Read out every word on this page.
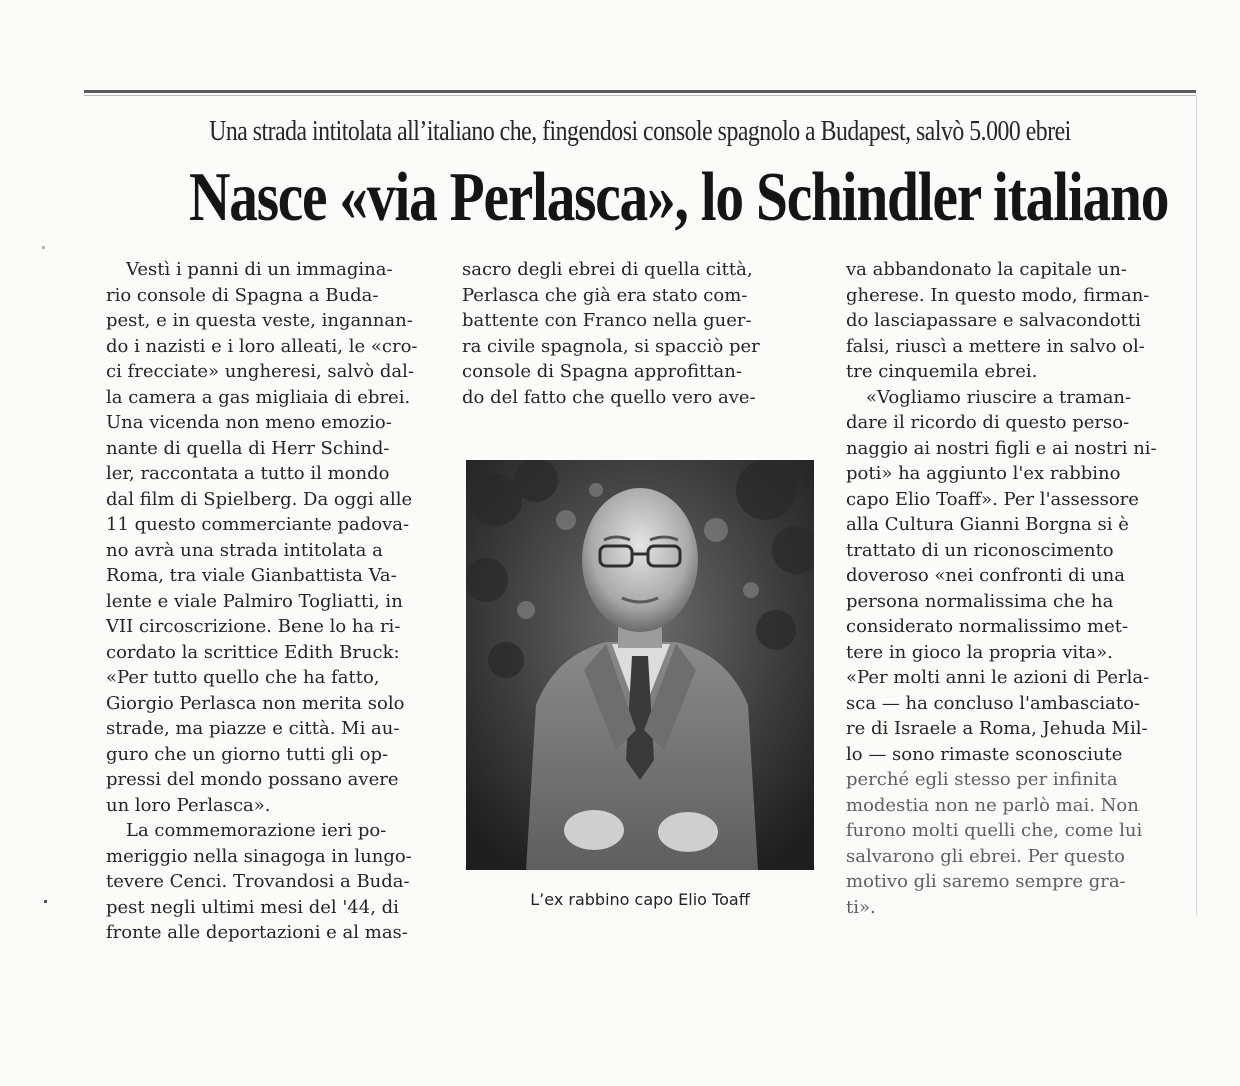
Una strada intitolata all’italiano che, fingendosi console spagnolo a Budapest, salvò 5.000 ebrei
Nasce «via Perlasca», lo Schindler italiano
Vestì i panni di un immagina-
rio console di Spagna a Buda-
pest, e in questa veste, ingannan-
do i nazisti e i loro alleati, le «cro-
ci frecciate» ungheresi, salvò dal-
la camera a gas migliaia di ebrei.
Una vicenda non meno emozio-
nante di quella di Herr Schind-
ler, raccontata a tutto il mondo
dal film di Spielberg. Da oggi alle
11 questo commerciante padova-
no avrà una strada intitolata a
Roma, tra viale Gianbattista Va-
lente e viale Palmiro Togliatti, in
VII circoscrizione. Bene lo ha ri-
cordato la scrittice Edith Bruck:
«Per tutto quello che ha fatto,
Giorgio Perlasca non merita solo
strade, ma piazze e città. Mi au-
guro che un giorno tutti gli op-
pressi del mondo possano avere
un loro Perlasca».
La commemorazione ieri po-
meriggio nella sinagoga in lungo-
tevere Cenci. Trovandosi a Buda-
pest negli ultimi mesi del '44, di
fronte alle deportazioni e al mas-
sacro degli ebrei di quella città,
Perlasca che già era stato com-
battente con Franco nella guer-
ra civile spagnola, si spacciò per
console di Spagna approfittan-
do del fatto che quello vero ave-
L’ex rabbino capo Elio Toaff
va abbandonato la capitale un-
gherese. In questo modo, firman-
do lasciapassare e salvacondotti
falsi, riuscì a mettere in salvo ol-
tre cinquemila ebrei.
«Vogliamo riuscire a traman-
dare il ricordo di questo perso-
naggio ai nostri figli e ai nostri ni-
poti» ha aggiunto l'ex rabbino
capo Elio Toaff». Per l'assessore
alla Cultura Gianni Borgna si è
trattato di un riconoscimento
doveroso «nei confronti di una
persona normalissima che ha
considerato normalissimo met-
tere in gioco la propria vita».
«Per molti anni le azioni di Perla-
sca — ha concluso l'ambasciato-
re di Israele a Roma, Jehuda Mil-
lo — sono rimaste sconosciute
perché egli stesso per infinita
modestia non ne parlò mai. Non
furono molti quelli che, come lui
salvarono gli ebrei. Per questo
motivo gli saremo sempre gra-
ti».
